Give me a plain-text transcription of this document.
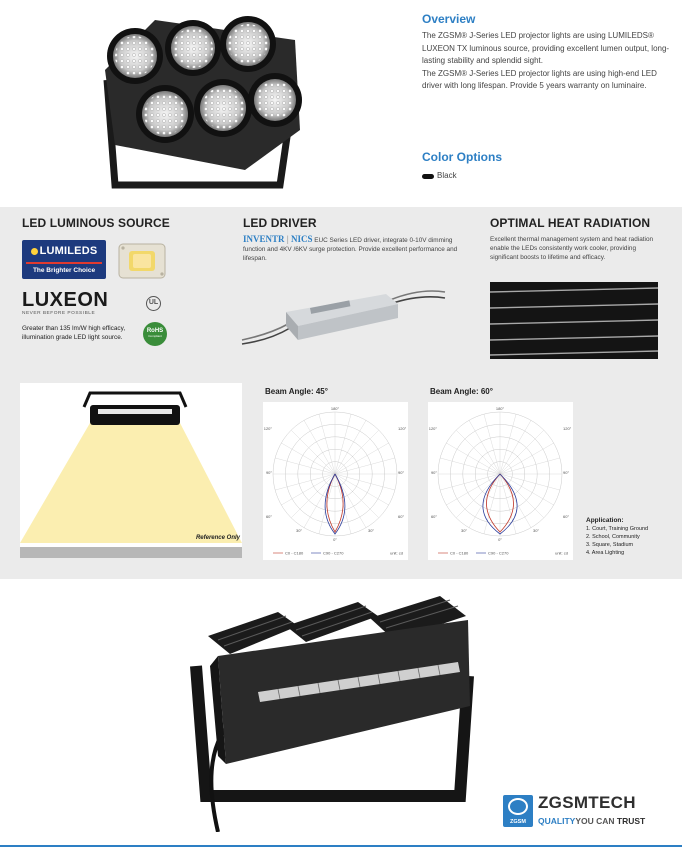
Overview
The ZGSM® J-Series LED projector lights are using LUMILEDS® LUXEON TX luminous source, providing excellent lumen output, long-lasting stability and splendid sight.
The ZGSM® J-Series LED projector lights are using high-end LED driver with long lifespan. Provide 5 years warranty on luminaire.
Color Options
Black
LED LUMINOUS SOURCE
LUMILEDS
The Brighter Choice
LUXEON
NEVER BEFORE POSSIBLE
UL
RoHS
Compliant
Greater than 135 lm/W high efficacy, illumination grade LED light source.
LED DRIVER
INVENTR | NICS EUC Series LED driver, integrate 0-10V dimming function and 4KV /6KV surge protection. Provide excellent performance and lifespan.
OPTIMAL HEAT RADIATION
Excellent thermal management system and heat radiation enable the LEDs consistently work cooler, providing significant boosts to lifetime and efficacy.
Reference Only
Beam Angle: 45°
180°
0°
120°	120°
90°	90°
60°	60°
30°	30°
C0 - C180	C90 - C270	unit: cd
Beam Angle: 60°
180°
0°
120°	120°
90°	90°
60°	60°
30°	30°
C0 - C180	C90 - C270	unit: cd
Application:
1. Court, Training Ground
2. School, Community
3. Square, Stadium
4. Area Lighting
ZGSM
ZGSMTECH
QUALITYYOU CAN TRUST
